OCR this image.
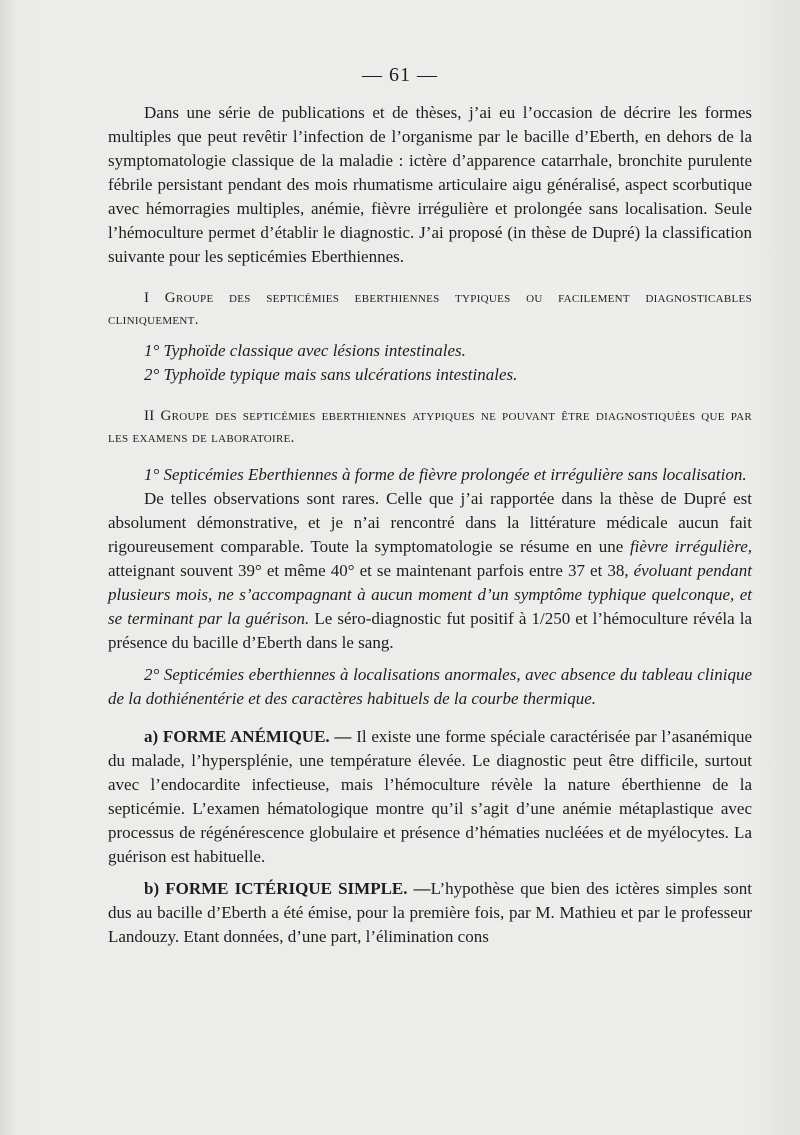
— 61 —

Dans une série de publications et de thèses, j’ai eu l’occasion de décrire les formes multiples que peut revêtir l’infection de l’organisme par le bacille d’Eberth, en dehors de la symptomatologie classique de la maladie : ictère d’apparence catarrhale, bronchite purulente fébrile persistant pendant des mois rhumatisme articulaire aigu généralisé, aspect scorbutique avec hémorragies multiples, anémie, fièvre irrégulière et prolongée sans localisation. Seule l’hémoculture permet d’établir le diagnostic. J’ai proposé (in thèse de Dupré) la classification suivante pour les septicémies Eberthiennes.

I Groupe des septicémies eberthiennes typiques ou facilement diagnosticables cliniquement.

1° Typhoïde classique avec lésions intestinales.

2° Typhoïde typique mais sans ulcérations intestinales.

II Groupe des septicémies eberthiennes atypiques ne pouvant être diagnostiquées que par les examens de laboratoire.

1° Septicémies Eberthiennes à forme de fièvre prolongée et irrégulière sans localisation.

De telles observations sont rares. Celle que j’ai rapportée dans la thèse de Dupré est absolument démonstrative, et je n’ai rencontré dans la littérature médicale aucun fait rigoureusement comparable. Toute la symptomatologie se résume en une fièvre irrégulière, atteignant souvent 39° et même 40° et se maintenant parfois entre 37 et 38, évoluant pendant plusieurs mois, ne s’accompagnant à aucun moment d’un symptôme typhique quelconque, et se terminant par la guérison. Le séro-diagnostic fut positif à 1/250 et l’hémoculture révéla la présence du bacille d’Eberth dans le sang.

2° Septicémies eberthiennes à localisations anormales, avec absence du tableau clinique de la dothiénentérie et des caractères habituels de la courbe thermique.

a) FORME ANÉMIQUE. — Il existe une forme spéciale caractérisée par l’asanémique du malade, l’hypersplénie, une température élevée. Le diagnostic peut être difficile, surtout avec l’endocardite infectieuse, mais l’hémoculture révèle la nature éberthienne de la septicémie. L’examen hématologique montre qu’il s’agit d’une anémie métaplastique avec processus de régénérescence globulaire et présence d’hématies nucléées et de myélocytes. La guérison est habituelle.

b) FORME ICTÉRIQUE SIMPLE. —L’hypothèse que bien des ictères simples sont dus au bacille d’Eberth a été émise, pour la première fois, par M. Mathieu et par le professeur Landouzy. Etant données, d’une part, l’élimination cons
